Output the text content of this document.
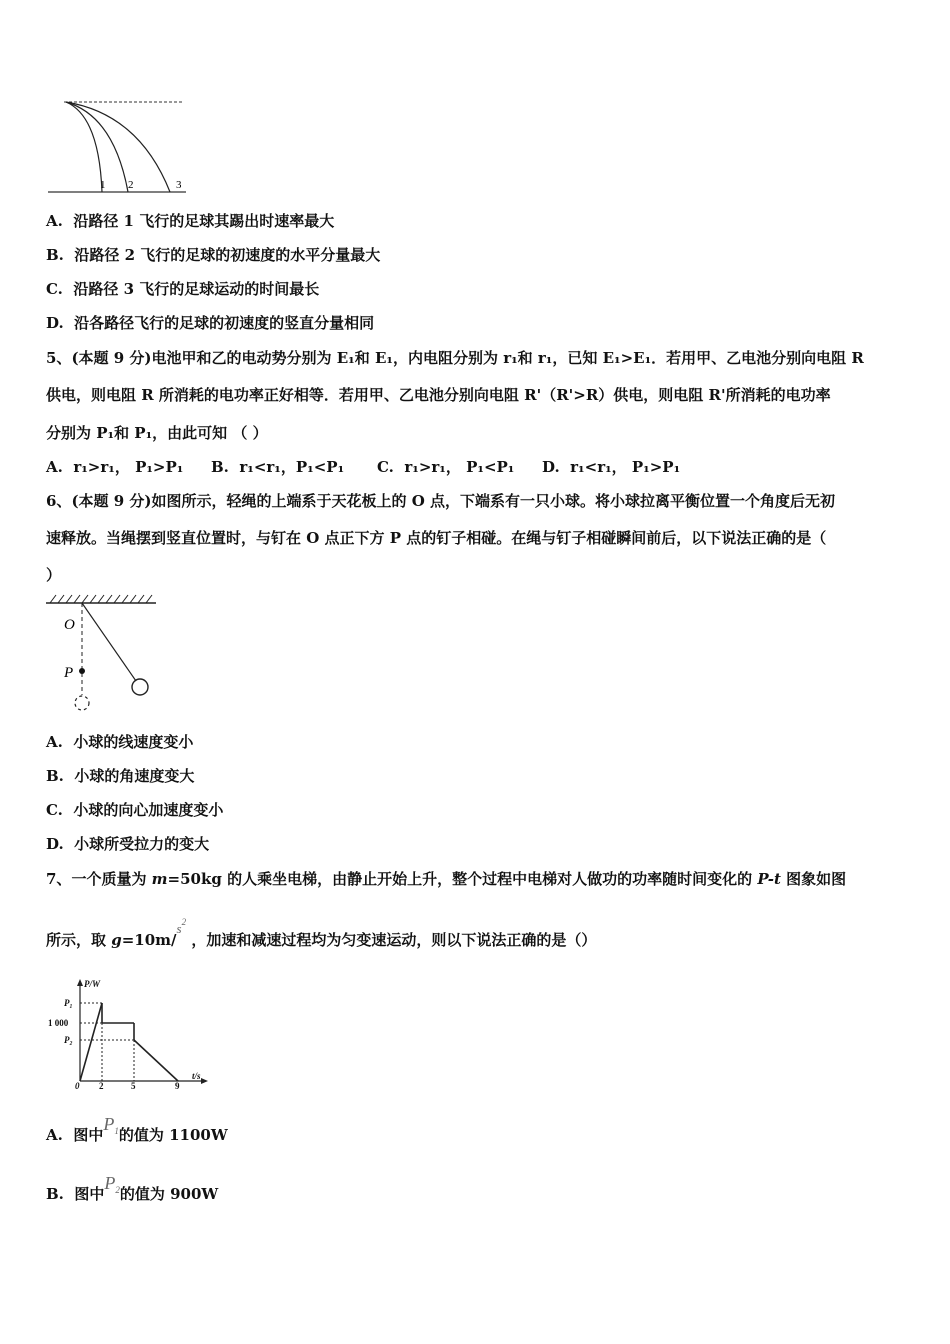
1 2	3
A. 沿路径 1 飞行的足球其踢出时速率最大
B. 沿路径 2 飞行的足球的初速度的水平分量最大
C. 沿路径 3 飞行的足球运动的时间最长
D. 沿各路径飞行的足球的初速度的竖直分量相同
5、(本题 9 分)电池甲和乙的电动势分别为 E₁和 E₁，内电阻分别为 r₁和 r₁，已知 E₁>E₁．若用甲、乙电池分别向电阻 R
供电，则电阻 R 所消耗的电功率正好相等．若用甲、乙电池分别向电阻 R'（R'>R）供电，则电阻 R'所消耗的电功率
分别为 P₁和 P₁，由此可知 （ ）
A. r₁>r₁， P₁>P₁ B. r₁<r₁，P₁<P₁ C. r₁>r₁， P₁<P₁ D. r₁<r₁， P₁>P₁
6、(本题 9 分)如图所示，轻绳的上端系于天花板上的 O 点，下端系有一只小球。将小球拉离平衡位置一个角度后无初
速释放。当绳摆到竖直位置时，与钉在 O 点正下方 P 点的钉子相碰。在绳与钉子相碰瞬间前后，以下说法正确的是（
）
O
P
A. 小球的线速度变小
B. 小球的角速度变大
C. 小球的向心加速度变小
D. 小球所受拉力的变大
7、一个质量为 m=50kg 的人乘坐电梯，由静止开始上升，整个过程中电梯对人做功的功率随时间变化的 P-t 图象如图
所示，取 $g=10m/s^2$ ，加速和减速过程均为匀变速运动，则以下说法正确的是（）
P/W
t/s
P₁
1 000
P₂
0 2	5	9
A. 图中$P^1$的值为 1100W
B. 图中$P^2$的值为 900W
